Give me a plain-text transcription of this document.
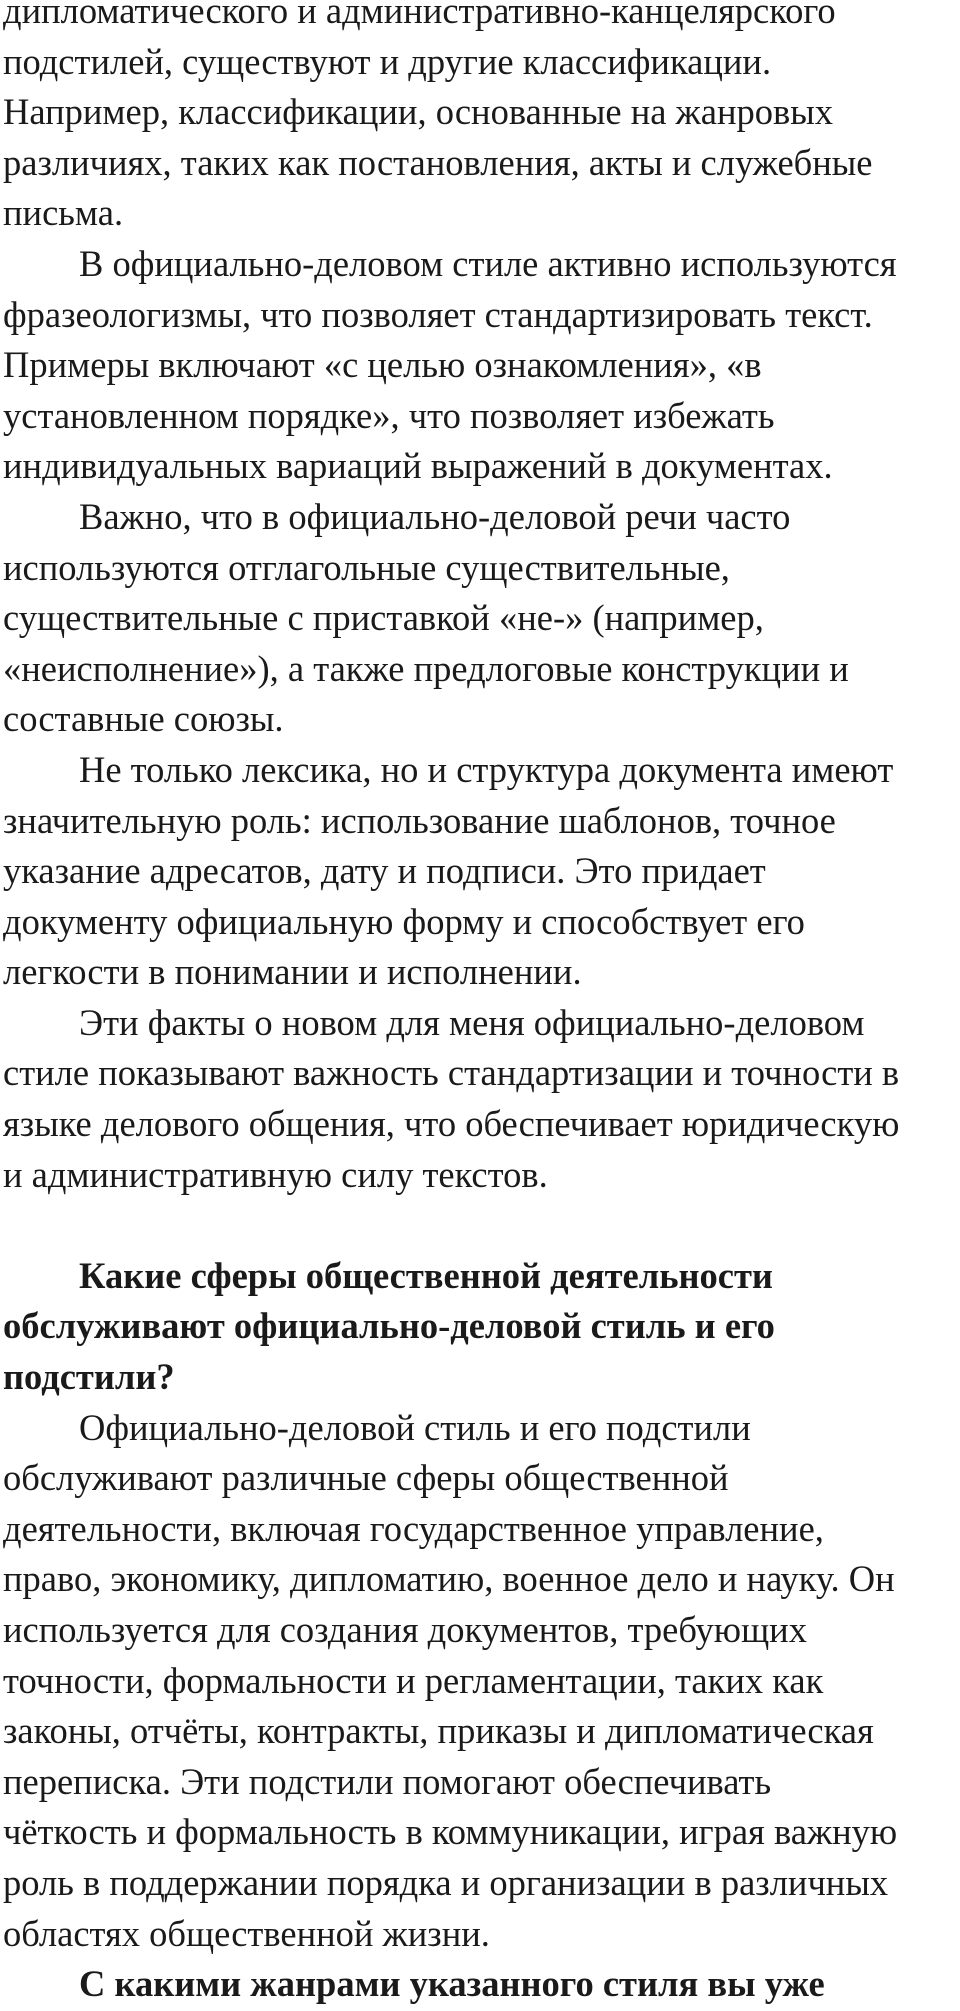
дипломатического и административно-канцелярского
подстилей, существуют и другие классификации.
Например, классификации, основанные на жанровых
различиях, таких как постановления, акты и служебные
письма.
В официально-деловом стиле активно используются
фразеологизмы, что позволяет стандартизировать текст.
Примеры включают «с целью ознакомления», «в
установленном порядке», что позволяет избежать
индивидуальных вариаций выражений в документах.
Важно, что в официально-деловой речи часто
используются отглагольные существительные,
существительные с приставкой «не-» (например,
«неисполнение»), а также предлоговые конструкции и
составные союзы.
Не только лексика, но и структура документа имеют
значительную роль: использование шаблонов, точное
указание адресатов, дату и подписи. Это придает
документу официальную форму и способствует его
легкости в понимании и исполнении.
Эти факты о новом для меня официально-деловом
стиле показывают важность стандартизации и точности в
языке делового общения, что обеспечивает юридическую
и административную силу текстов.
Какие сферы общественной деятельности
обслуживают официально-деловой стиль и его
подстили?
Официально-деловой стиль и его подстили
обслуживают различные сферы общественной
деятельности, включая государственное управление,
право, экономику, дипломатию, военное дело и науку. Он
используется для создания документов, требующих
точности, формальности и регламентации, таких как
законы, отчёты, контракты, приказы и дипломатическая
переписка. Эти подстили помогают обеспечивать
чёткость и формальность в коммуникации, играя важную
роль в поддержании порядка и организации в различных
областях общественной жизни.
С какими жанрами указанного стиля вы уже
